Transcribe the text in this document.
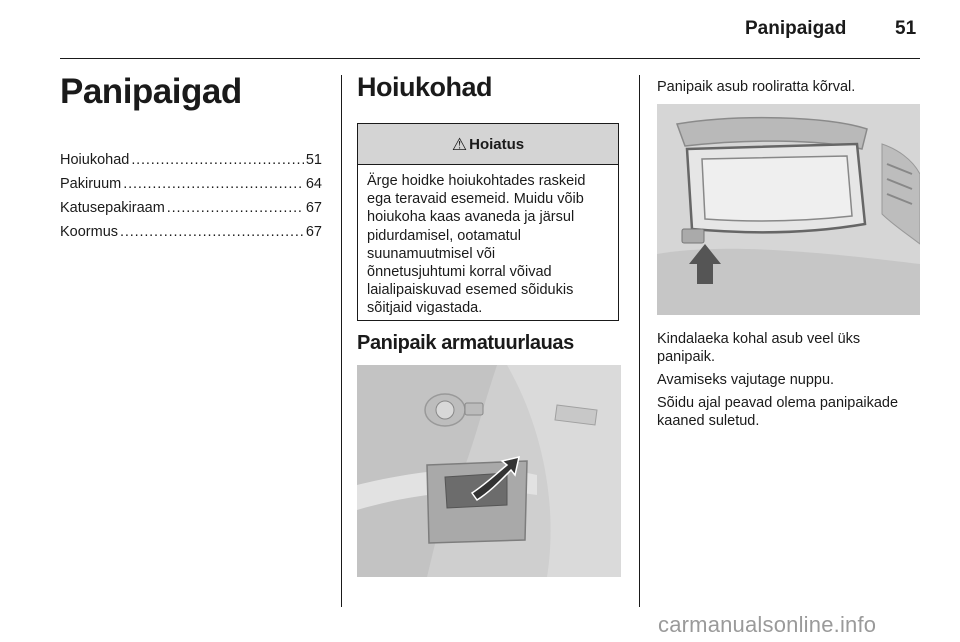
Panipaigad	51
Panipaigad
Hoiukohad . . .	51
Pakiruum . . .	64
Katusepakiraam . . .	67
Koormus . . .	67
Hoiukohad
⚠ Hoiatus
Ärge hoidke hoiukohtades raskeid
ega teravaid esemeid. Muidu võib
hoiukoha kaas avaneda ja järsul
pidurdamisel, ootamatul
suunamuutmisel või
õnnetusjuhtumi korral võivad
laialipaiskuvad esemed sõidukis
sõitjaid vigastada.
Panipaik armatuurlauas
Panipaik asub rooliratta kõrval.
Kindalaeka kohal asub veel üks
panipaik.
Avamiseks vajutage nuppu.
Sõidu ajal peavad olema panipaikade
kaaned suletud.
carmanualsonline.info
